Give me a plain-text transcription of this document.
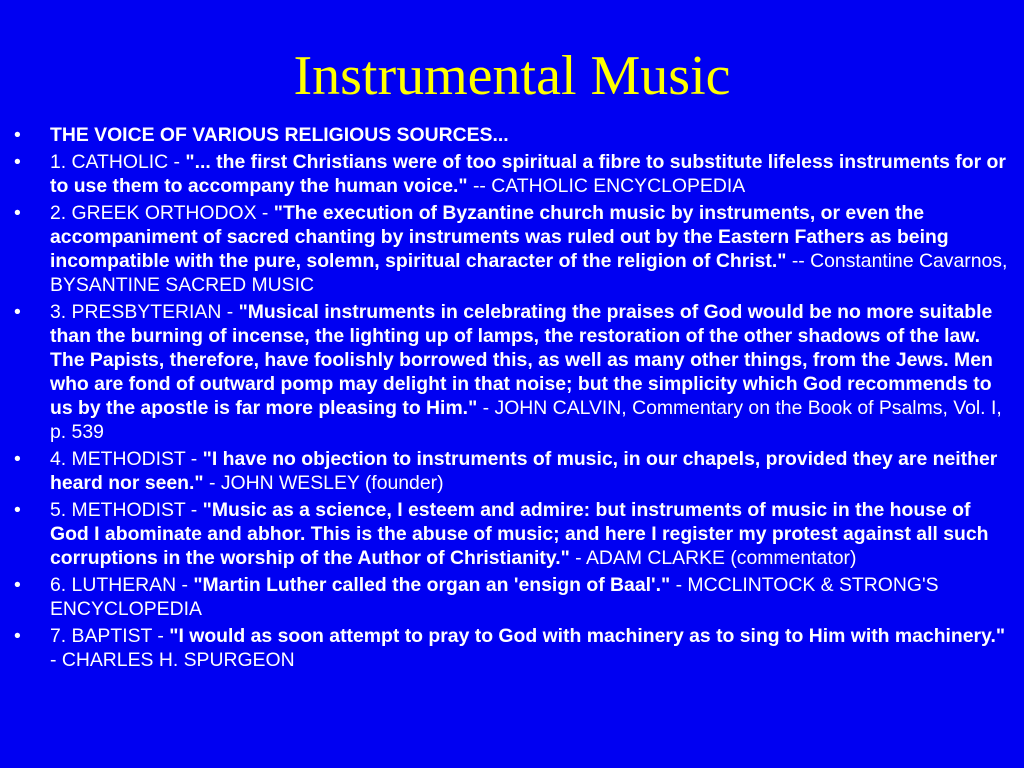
Instrumental Music
• THE VOICE OF VARIOUS RELIGIOUS SOURCES...
• 1. CATHOLIC - "... the first Christians were of too spiritual a fibre to substitute lifeless instruments for or to use them to accompany the human voice." -- CATHOLIC ENCYCLOPEDIA
• 2. GREEK ORTHODOX - "The execution of Byzantine church music by instruments, or even the accompaniment of sacred chanting by instruments was ruled out by the Eastern Fathers as being incompatible with the pure, solemn, spiritual character of the religion of Christ." -- Constantine Cavarnos, BYSANTINE SACRED MUSIC
• 3. PRESBYTERIAN - "Musical instruments in celebrating the praises of God would be no more suitable than the burning of incense, the lighting up of lamps, the restoration of the other shadows of the law. The Papists, therefore, have foolishly borrowed this, as well as many other things, from the Jews. Men who are fond of outward pomp may delight in that noise; but the simplicity which God recommends to us by the apostle is far more pleasing to Him." - JOHN CALVIN, Commentary on the Book of Psalms, Vol. I, p. 539
• 4. METHODIST - "I have no objection to instruments of music, in our chapels, provided they are neither heard nor seen." - JOHN WESLEY (founder)
• 5. METHODIST - "Music as a science, I esteem and admire: but instruments of music in the house of God I abominate and abhor. This is the abuse of music; and here I register my protest against all such corruptions in the worship of the Author of Christianity." - ADAM CLARKE (commentator)
• 6. LUTHERAN - "Martin Luther called the organ an 'ensign of Baal'." - MCCLINTOCK & STRONG'S ENCYCLOPEDIA
• 7. BAPTIST - "I would as soon attempt to pray to God with machinery as to sing to Him with machinery." - CHARLES H. SPURGEON
